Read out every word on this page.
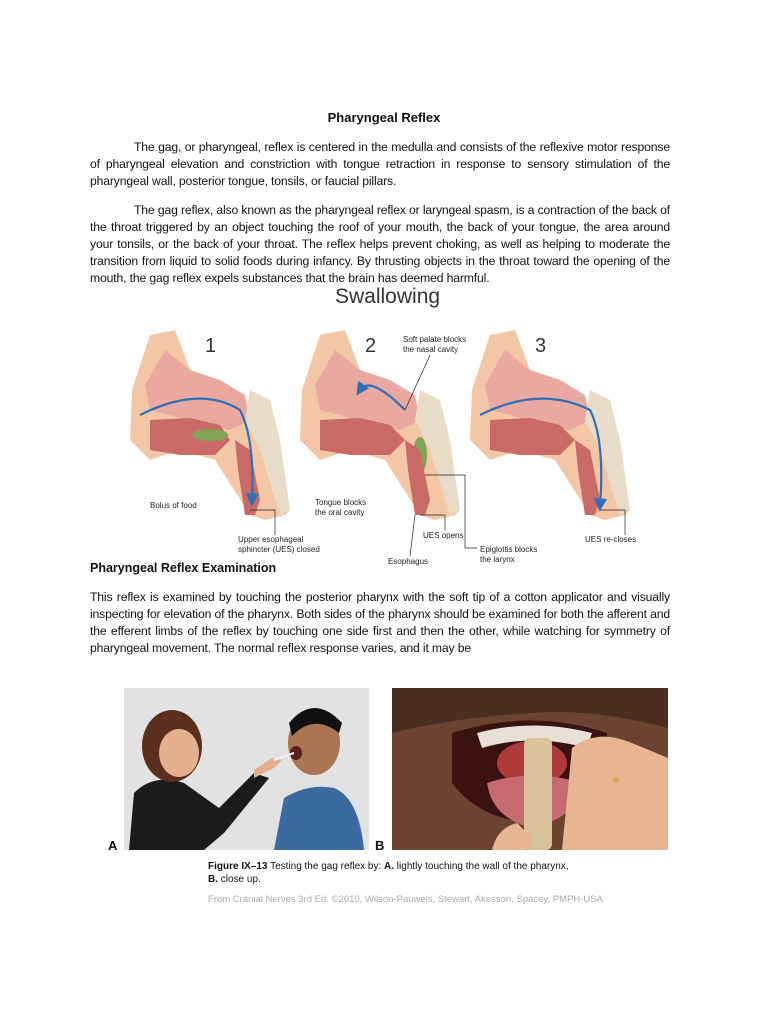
Pharyngeal Reflex
The gag, or pharyngeal, reflex is centered in the medulla and consists of the reflexive motor response of pharyngeal elevation and constriction with tongue retraction in response to sensory stimulation of the pharyngeal wall, posterior tongue, tonsils, or faucial pillars.
The gag reflex, also known as the pharyngeal reflex or laryngeal spasm, is a contraction of the back of the throat triggered by an object touching the roof of your mouth, the back of your tongue, the area around your tonsils, or the back of your throat. The reflex helps prevent choking, as well as helping to moderate the transition from liquid to solid foods during infancy. By thrusting objects in the throat toward the opening of the mouth, the gag reflex expels substances that the brain has deemed harmful.
Swallowing
1	2	3
Soft palate blocks
the nasal cavity
Bolus of food
Upper esophageal
sphincter (UES) closed
Tongue blocks
the oral cavity
UES opens
Esophagus
Epiglottis blocks
the larynx
UES re-closes
Pharyngeal Reflex Examination
This reflex is examined by touching the posterior pharynx with the soft tip of a cotton applicator and visually inspecting for elevation of the pharynx. Both sides of the pharynx should be examined for both the afferent and the efferent limbs of the reflex by touching one side first and then the other, while watching for symmetry of pharyngeal movement. The normal reflex response varies, and it may be
A	B
Figure IX–13 Testing the gag reflex by: A. lightly touching the wall of the pharynx,
B. close up.
From Cranial Nerves 3rd Ed. ©2010, Wilson-Pauwels, Stewart, Akesson, Spacey, PMPH-USA
